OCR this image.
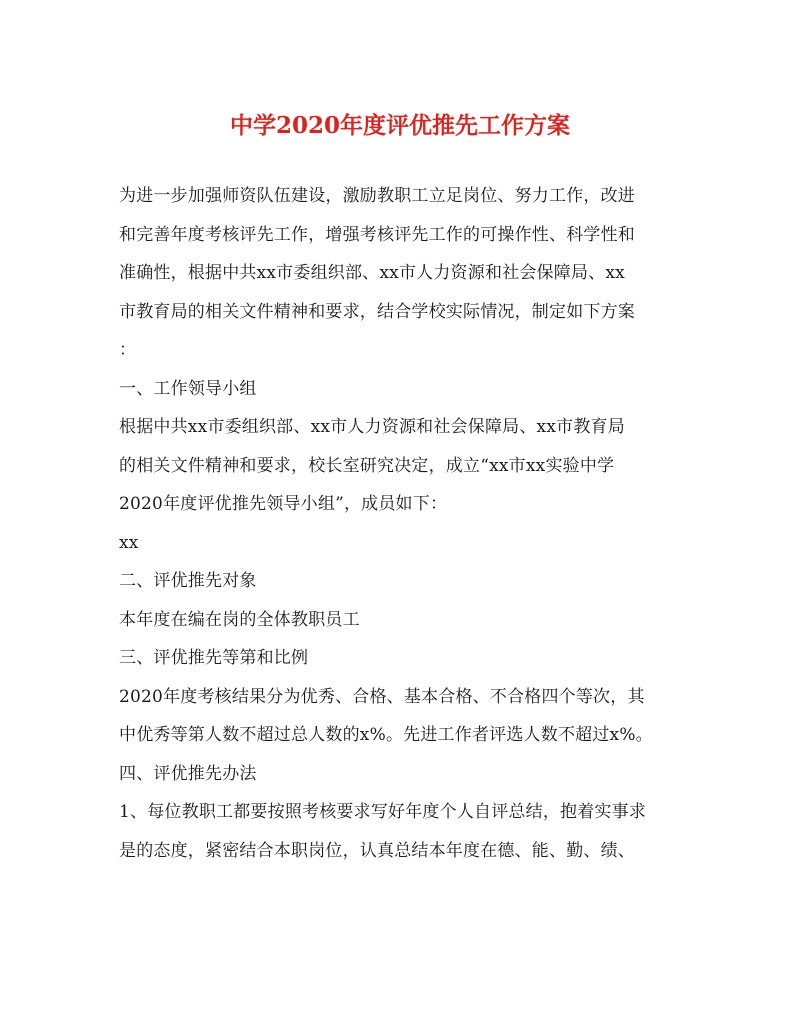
中学2020年度评优推先工作方案
为进一步加强师资队伍建设，激励教职工立足岗位、努力工作，改进
和完善年度考核评先工作，增强考核评先工作的可操作性、科学性和
准确性，根据中共xx市委组织部、xx市人力资源和社会保障局、xx
市教育局的相关文件精神和要求，结合学校实际情况，制定如下方案
：
一、工作领导小组
根据中共xx市委组织部、xx市人力资源和社会保障局、xx市教育局
的相关文件精神和要求，校长室研究决定，成立“xx市xx实验中学
2020年度评优推先领导小组”，成员如下：
xx
二、评优推先对象
本年度在编在岗的全体教职员工
三、评优推先等第和比例
2020年度考核结果分为优秀、合格、基本合格、不合格四个等次，其
中优秀等第人数不超过总人数的x%。先进工作者评选人数不超过x%。
四、评优推先办法
1、每位教职工都要按照考核要求写好年度个人自评总结，抱着实事求
是的态度，紧密结合本职岗位，认真总结本年度在德、能、勤、绩、
